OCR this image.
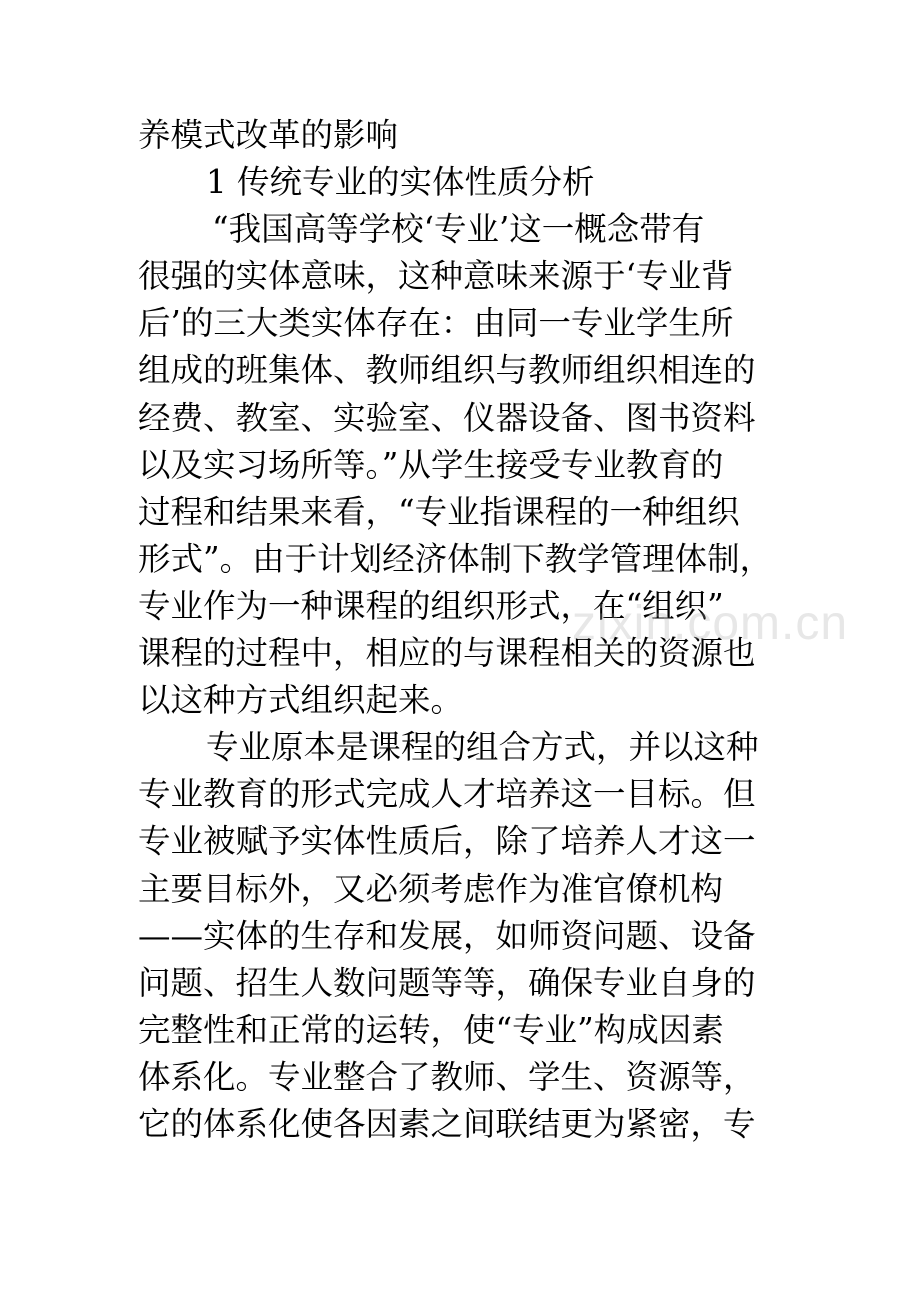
养模式改革的影响
1 传统专业的实体性质分析
“我国高等学校‘专业’这一概念带有
很强的实体意味，这种意味来源于‘专业背
后’的三大类实体存在：由同一专业学生所
组成的班集体、教师组织与教师组织相连的
经费、教室、实验室、仪器设备、图书资料
以及实习场所等。”从学生接受专业教育的
过程和结果来看，“专业指课程的一种组织
形式”。由于计划经济体制下教学管理体制，
专业作为一种课程的组织形式，在“组织”
课程的过程中，相应的与课程相关的资源也
以这种方式组织起来。
专业原本是课程的组合方式，并以这种
专业教育的形式完成人才培养这一目标。但
专业被赋予实体性质后，除了培养人才这一
主要目标外，又必须考虑作为准官僚机构
——实体的生存和发展，如师资问题、设备
问题、招生人数问题等等，确保专业自身的
完整性和正常的运转，使“专业”构成因素
体系化。专业整合了教师、学生、资源等，
它的体系化使各因素之间联结更为紧密，专
zixin.com.cn
